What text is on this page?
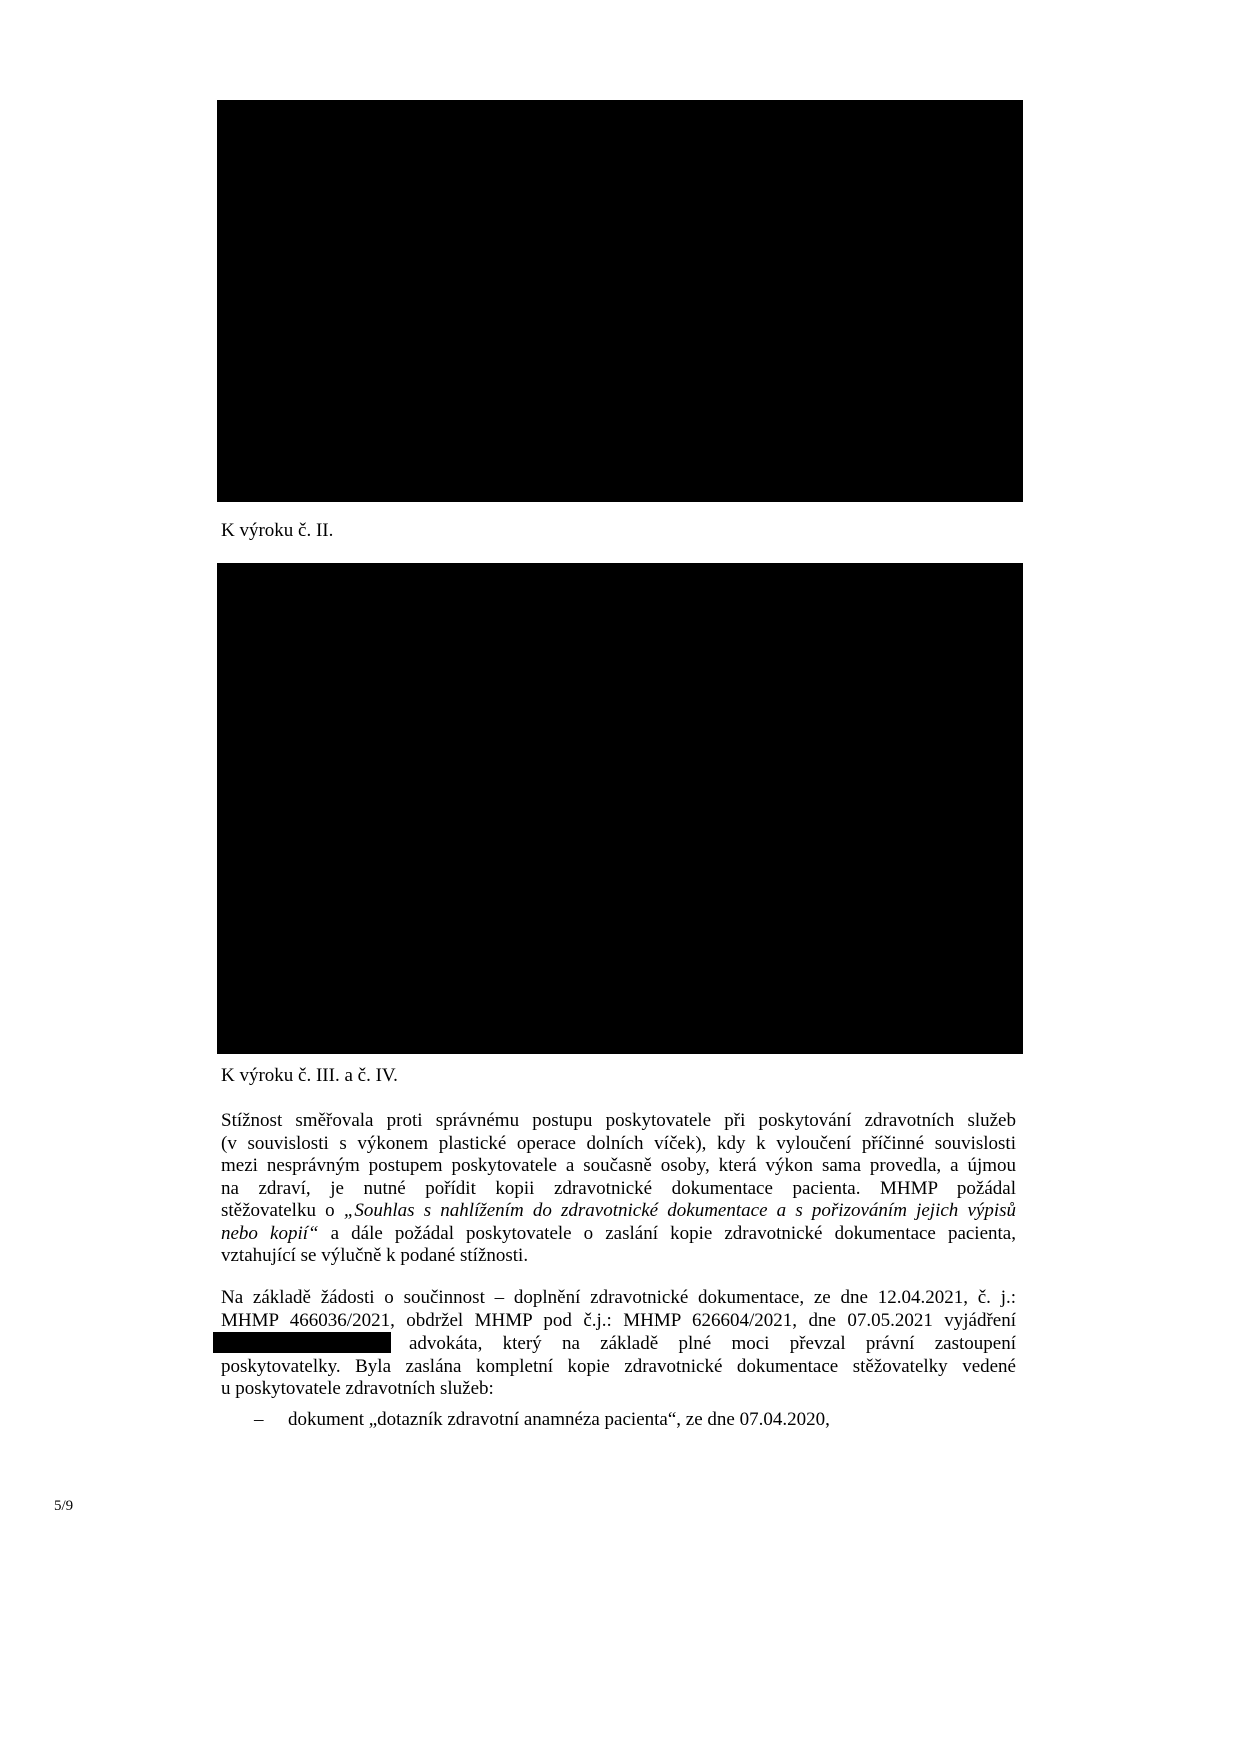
K výroku č. II.
K výroku č. III. a č. IV.
Stížnost směřovala proti správnému postupu poskytovatele při poskytování zdravotních služeb
(v souvislosti s výkonem plastické operace dolních víček), kdy k vyloučení příčinné souvislosti
mezi nesprávným postupem poskytovatele a současně osoby, která výkon sama provedla, a újmou
na zdraví, je nutné pořídit kopii zdravotnické dokumentace pacienta. MHMP požádal
stěžovatelku o „Souhlas s nahlížením do zdravotnické dokumentace a s pořizováním jejich výpisů
nebo kopií“ a dále požádal poskytovatele o zaslání kopie zdravotnické dokumentace pacienta,
vztahující se výlučně k podané stížnosti.
Na základě žádosti o součinnost – doplnění zdravotnické dokumentace, ze dne 12.04.2021, č. j.:
MHMP 466036/2021, obdržel MHMP pod č.j.: MHMP 626604/2021, dne 07.05.2021 vyjádření
advokáta, který na základě plné moci převzal právní zastoupení
poskytovatelky. Byla zaslána kompletní kopie zdravotnické dokumentace stěžovatelky vedené
u poskytovatele zdravotních služeb:
– dokument „dotazník zdravotní anamnéza pacienta“, ze dne 07.04.2020,
5/9
